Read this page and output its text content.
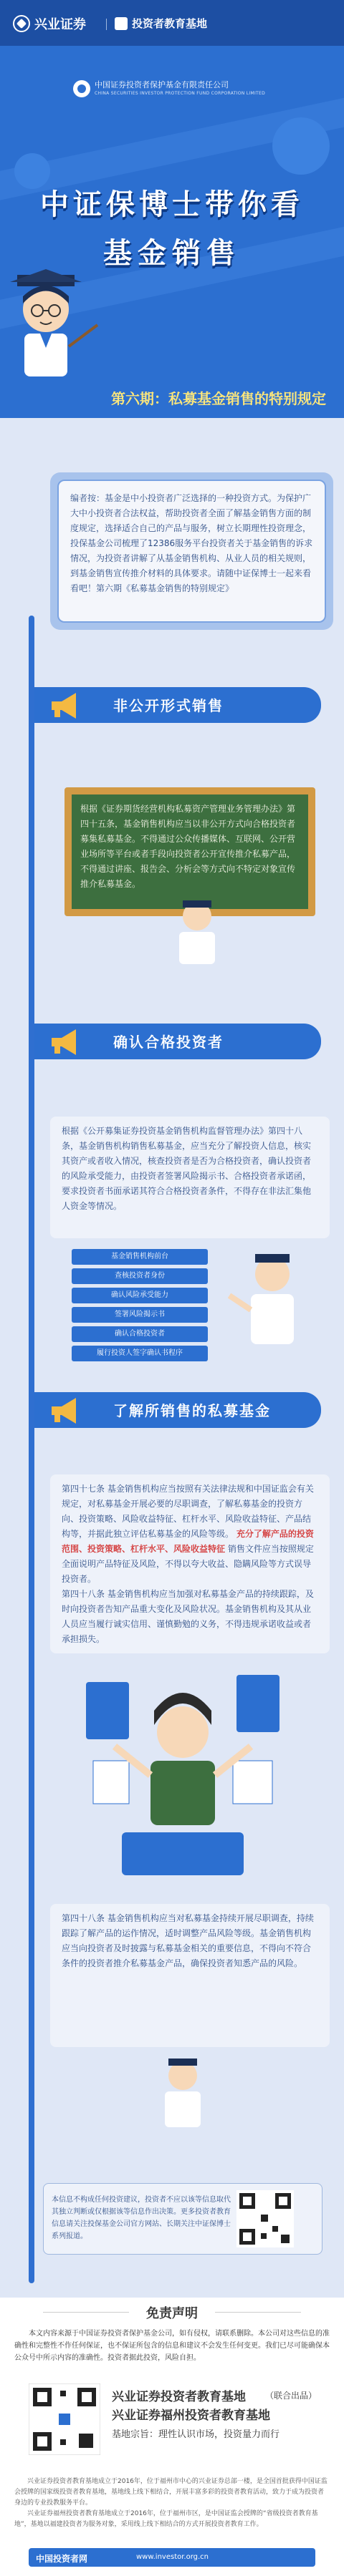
兴业证券	投资者教育基地
中国证券投资者保护基金有限责任公司
CHINA SECURITIES INVESTOR PROTECTION FUND CORPORATION LIMITED
中证保博士带你看
基金销售
第六期：私募基金销售的特别规定
编者按：基金是中小投资者广泛选择的一种投资方式。为保护广大中小投资者合法权益，帮助投资者全面了解基金销售方面的制度规定，选择适合自己的产品与服务，树立长期理性投资理念，投保基金公司梳理了12386服务平台投资者关于基金销售的诉求情况，为投资者讲解了从基金销售机构、从业人员的相关规则，到基金销售宣传推介材料的具体要求。请随中证保博士一起来看看吧！第六期《私募基金销售的特别规定》
非公开形式销售
根据《证券期货经营机构私募资产管理业务管理办法》第四十五条，基金销售机构应当以非公开方式向合格投资者募集私募基金。不得通过公众传播媒体、互联网、公开营业场所等平台或者手段向投资者公开宣传推介私募产品，不得通过讲座、报告会、分析会等方式向不特定对象宣传推介私募基金。
确认合格投资者
根据《公开募集证券投资基金销售机构监督管理办法》第四十八条，基金销售机构销售私募基金，应当充分了解投资人信息，核实其资产或者收入情况，核查投资者是否为合格投资者，确认投资者的风险承受能力，由投资者签署风险揭示书、合格投资者承诺函，要求投资者书面承诺其符合合格投资者条件，不得存在非法汇集他人资金等情况。
基金销售机构前台
查核投资者身份
确认风险承受能力
签署风险揭示书
确认合格投资者
履行投资人签字确认书程序
了解所销售的私募基金
第四十七条 基金销售机构应当按照有关法律法规和中国证监会有关规定，对私募基金开展必要的尽职调查，了解私募基金的投资方向、投资策略、风险收益特征、杠杆水平、风险收益特征、产品结构等，并据此独立评估私募基金的风险等级。 充分了解产品的投资范围、投资策略、杠杆水平、风险收益特征 销售文件应当按照规定全面说明产品特征及风险，不得以夸大收益、隐瞒风险等方式误导投资者。
第四十八条 基金销售机构应当加强对私募基金产品的持续跟踪，及时向投资者告知产品重大变化及风险状况。基金销售机构及其从业人员应当履行诚实信用、谨慎勤勉的义务，不得违规承诺收益或者承担损失。
第四十八条 基金销售机构应当对私募基金持续开展尽职调查，持续跟踪了解产品的运作情况，适时调整产品风险等级。基金销售机构应当向投资者及时披露与私募基金相关的重要信息，不得向不符合条件的投资者推介私募基金产品，确保投资者知悉产品的风险。
本信息不构成任何投资建议，投资者不应以该等信息取代其独立判断或仅根据该等信息作出决策。更多投资者教育信息请关注投保基金公司官方网站、长期关注中证保博士系列报道。
免责声明
本文内容来源于中国证券投资者保护基金公司，如有侵权，请联系删除。本公司对这些信息的准确性和完整性不作任何保证，也不保证所包含的信息和建议不会发生任何变更。我们已尽可能确保本公众号中所示内容的准确性。投资者据此投资，风险自担。
兴业证券投资者教育基地
兴业证券福州投资者教育基地
（联合出品）
基地宗旨：理性认识市场，投资量力而行

兴业证券投资者教育基地成立于2016年，位于福州市中心的兴业证券总部一楼，是全国首批获得中国证监会授牌的国家级投资者教育基地，基地线上线下相结合，开展丰富多彩的投资者教育活动，致力于成为投资者身边的专业投教服务平台。

兴业证券福州投资者教育基地成立于2016年，位于福州市区，是中国证监会授牌的“省级投资者教育基地”，基地以福建投资者为服务对象，采用线上线下相结合的方式开展投资者教育工作。

中国投资者网	www.investor.org.cn
